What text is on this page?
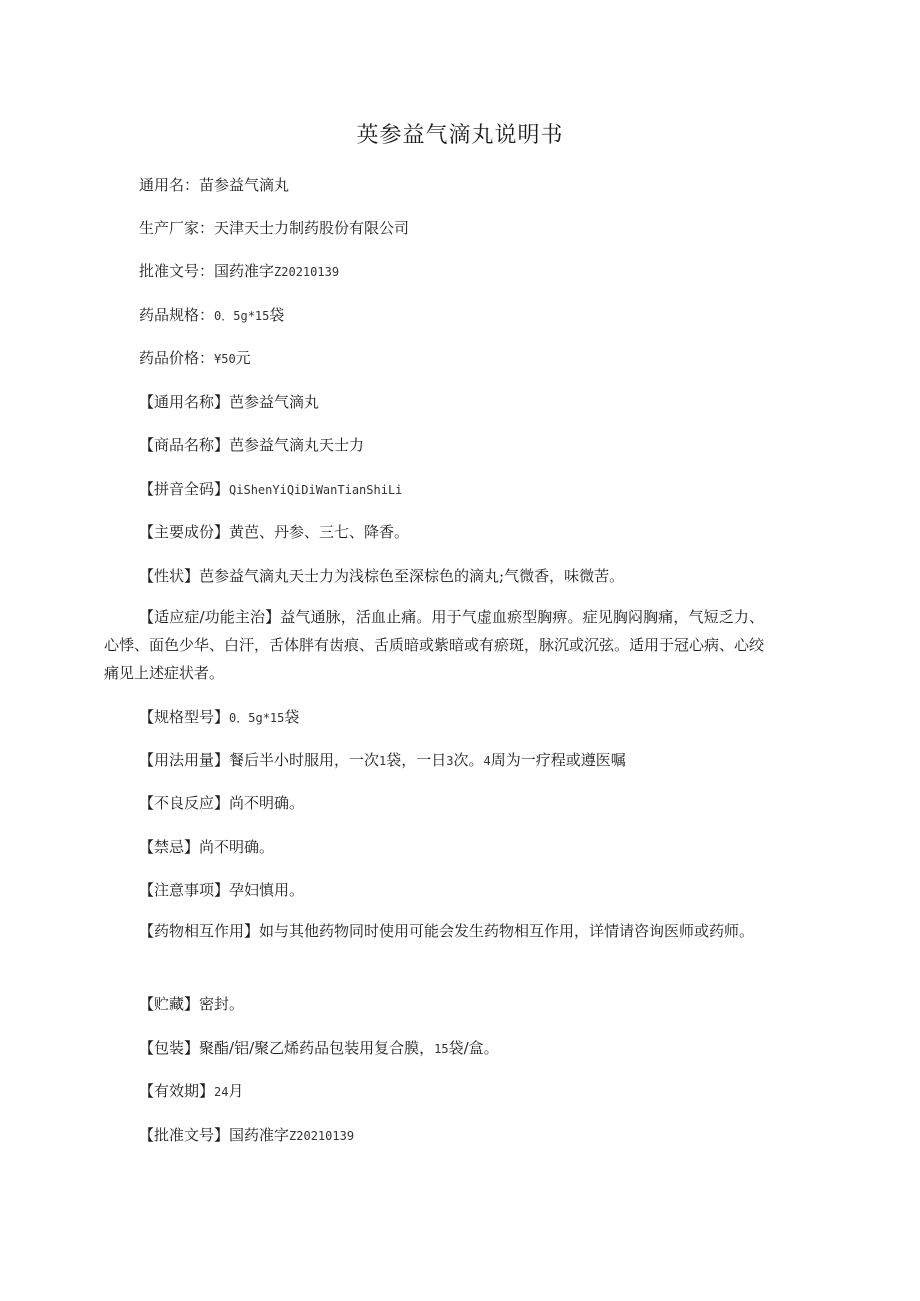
英参益气滴丸说明书
通用名：苗参益气滴丸
生产厂家：天津天士力制药股份有限公司
批准文号：国药准字Z20210139
药品规格：0．5g*15袋
药品价格：¥50元
【通用名称】芭参益气滴丸
【商品名称】芭参益气滴丸天士力
【拼音全码】QiShenYiQiDiWanTianShiLi
【主要成份】黄芭、丹参、三七、降香。
【性状】芭参益气滴丸天士力为浅棕色至深棕色的滴丸;气微香，味微苦。
【适应症/功能主治】益气通脉，活血止痛。用于气虚血瘀型胸痹。症见胸闷胸痛，气短乏力、心悸、面色少华、白汗，舌体胖有齿痕、舌质暗或紫暗或有瘀斑，脉沉或沉弦。适用于冠心病、心绞痛见上述症状者。
【规格型号】0．5g*15袋
【用法用量】餐后半小时服用，一次1袋，一日3次。4周为一疗程或遵医嘱
【不良反应】尚不明确。
【禁忌】尚不明确。
【注意事项】孕妇慎用。
【药物相互作用】如与其他药物同时使用可能会发生药物相互作用，详情请咨询医师或药师。
【贮藏】密封。
【包装】聚酯/铝/聚乙烯药品包装用复合膜，15袋/盒。
【有效期】24月
【批准文号】国药准字Z20210139
